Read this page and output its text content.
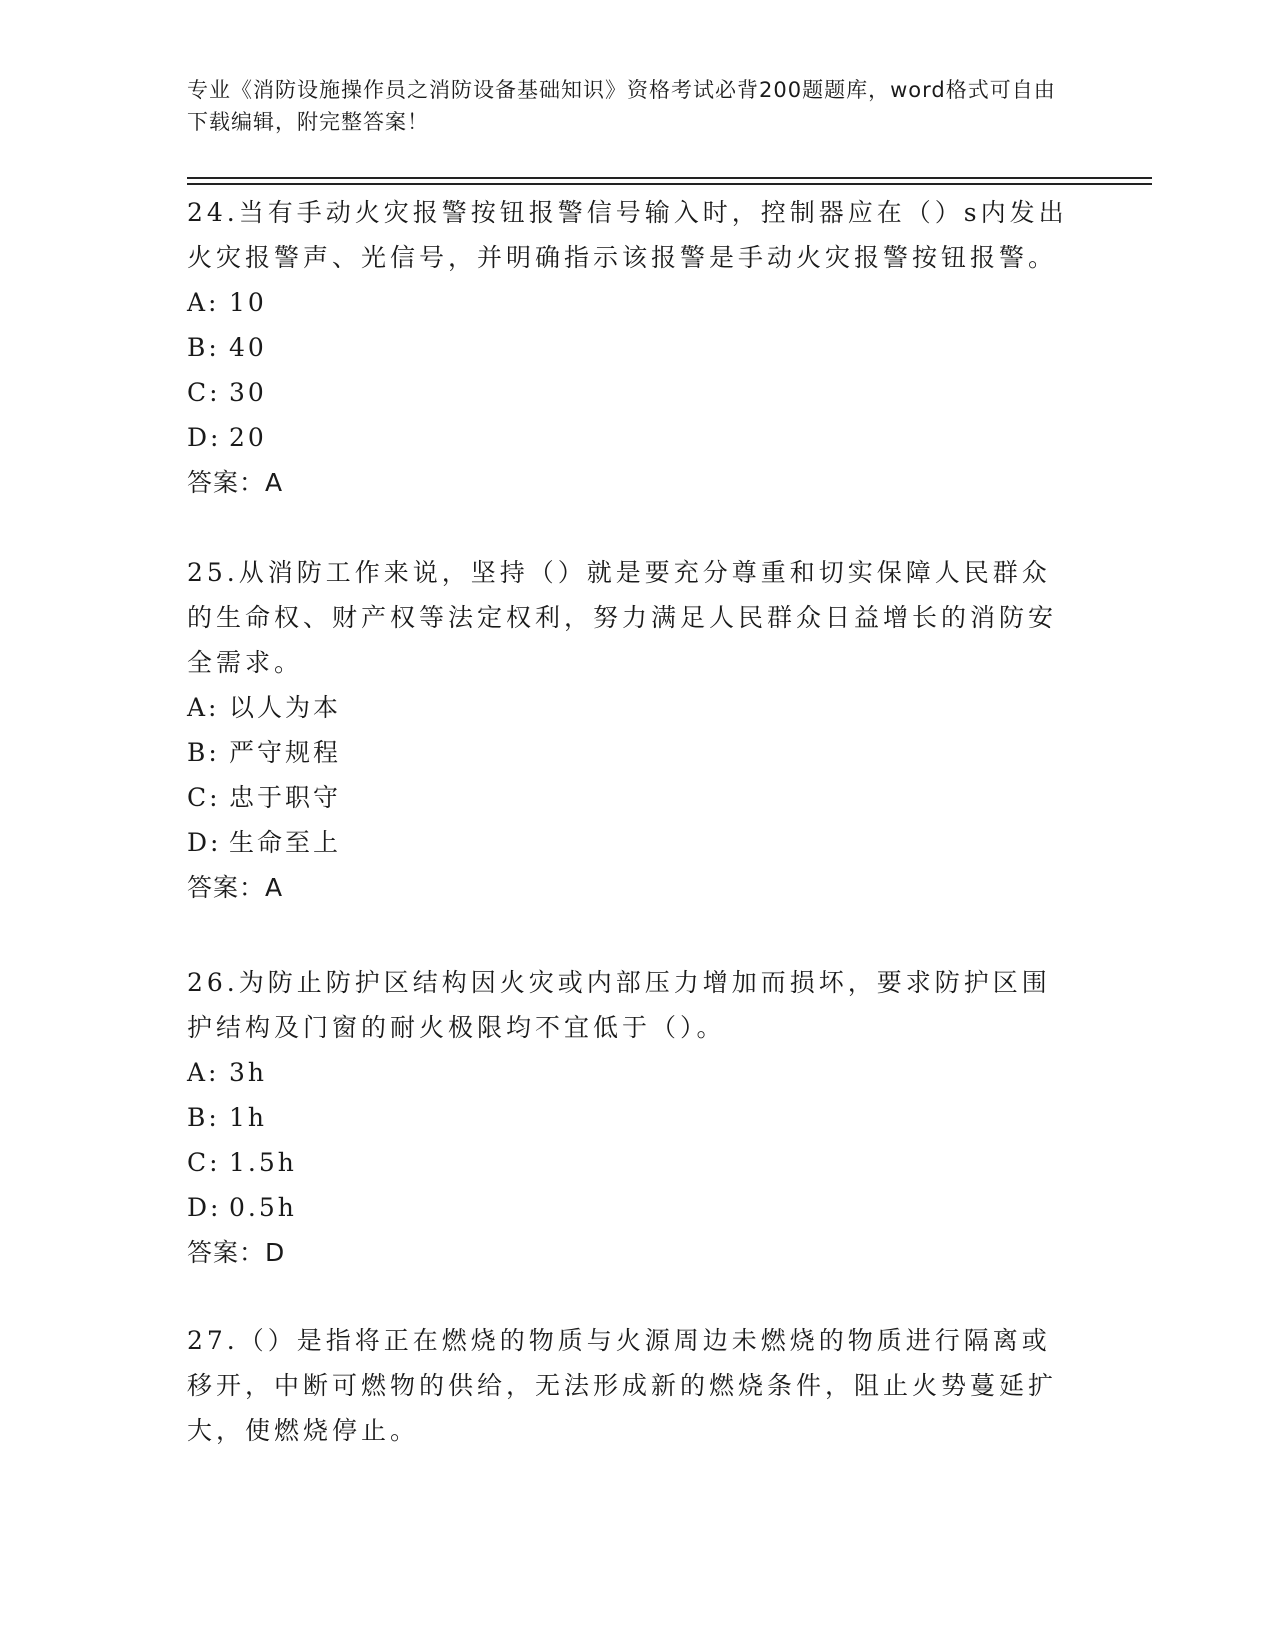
专业《消防设施操作员之消防设备基础知识》资格考试必背200题题库，word格式可自由下载编辑，附完整答案！

24.当有手动火灾报警按钮报警信号输入时，控制器应在（）s内发出火灾报警声、光信号，并明确指示该报警是手动火灾报警按钮报警。

A: 10
B: 40
C: 30
D: 20
答案：A

25.从消防工作来说，坚持（）就是要充分尊重和切实保障人民群众的生命权、财产权等法定权利，努力满足人民群众日益增长的消防安全需求。

A: 以人为本
B: 严守规程
C: 忠于职守
D: 生命至上
答案：A

26.为防止防护区结构因火灾或内部压力增加而损坏，要求防护区围护结构及门窗的耐火极限均不宜低于（）。

A: 3h
B: 1h
C: 1.5h
D: 0.5h
答案：D

27.（）是指将正在燃烧的物质与火源周边未燃烧的物质进行隔离或移开，中断可燃物的供给，无法形成新的燃烧条件，阻止火势蔓延扩大，使燃烧停止。
